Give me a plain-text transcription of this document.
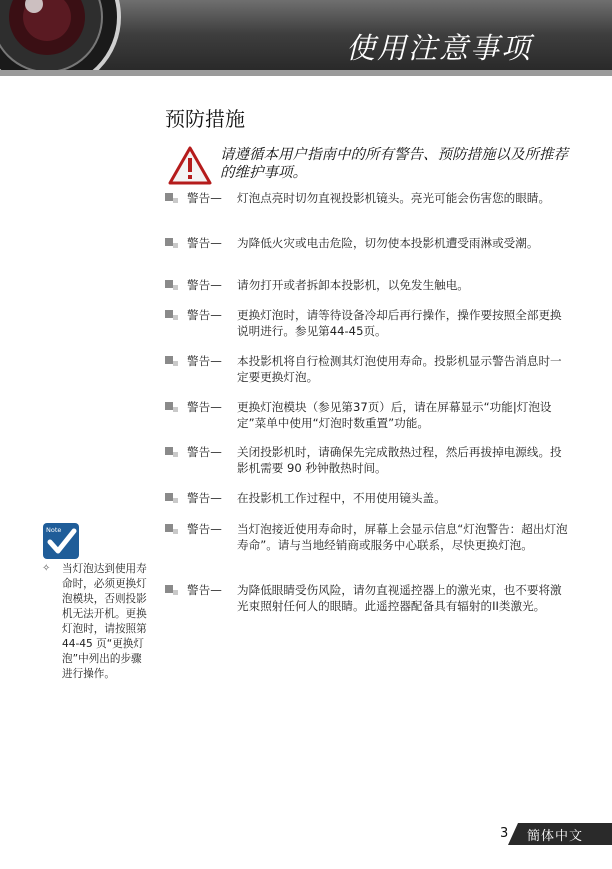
使用注意事项
预防措施
请遵循本用户指南中的所有警告、预防措施以及所推荐的维护事项。
警告— 灯泡点亮时切勿直视投影机镜头。亮光可能会伤害您的眼睛。
警告— 为降低火灾或电击危险，切勿使本投影机遭受雨淋或受潮。
警告— 请勿打开或者拆卸本投影机，以免发生触电。
警告— 更换灯泡时，请等待设备冷却后再行操作，操作要按照全部更换说明进行。参见第44-45页。
警告— 本投影机将自行检测其灯泡使用寿命。投影机显示警告消息时一定要更换灯泡。
警告— 更换灯泡模块（参见第37页）后，请在屏幕显示“功能|灯泡设定”菜单中使用“灯泡时数重置”功能。
警告— 关闭投影机时，请确保先完成散热过程，然后再拔掉电源线。投影机需要 90 秒钟散热时间。
警告— 在投影机工作过程中，不用使用镜头盖。
警告— 当灯泡接近使用寿命时，屏幕上会显示信息“灯泡警告：超出灯泡寿命”。请与当地经销商或服务中心联系，尽快更换灯泡。
警告— 为降低眼睛受伤风险，请勿直视遥控器上的激光束，也不要将激光束照射任何人的眼睛。此遥控器配备具有辐射的II类激光。
Note
✧ 当灯泡达到使用寿命时，必须更换灯泡模块，否则投影机无法开机。更换灯泡时，请按照第44-45 页“更换灯泡”中列出的步骤进行操作。
3 簡体中文
